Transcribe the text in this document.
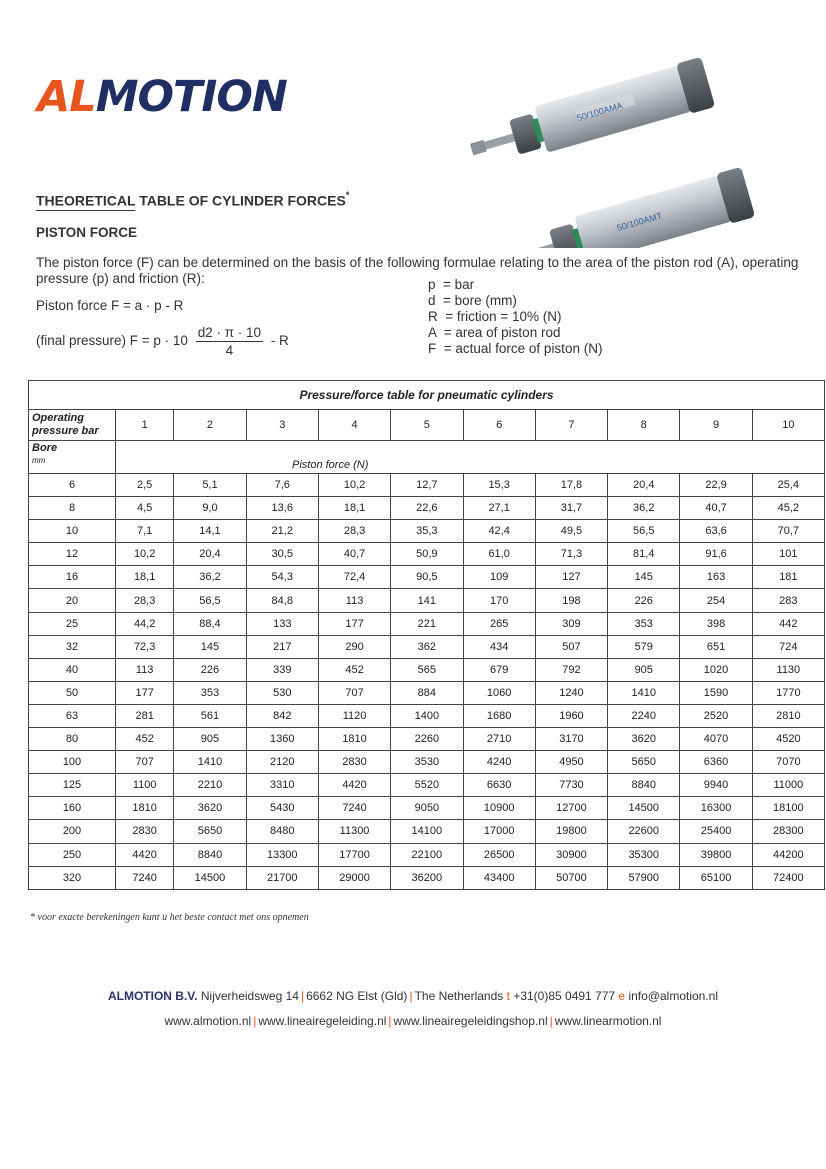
ALMOTION	50/100AMA
50/100AMT
THEORETICAL TABLE OF CYLINDER FORCES*
PISTON FORCE
The piston force (F) can be determined on the basis of the following formulae relating to the area of the piston rod (A), operating pressure (p) and friction (R):
Piston force F = a · p - R
(final pressure) $F = p \cdot 10 \frac{d2 \cdot \pi \cdot 10}{4} - R$
p  = bar
d  = bore (mm)
R  = friction = 10% (N)
A  = area of piston rod
F  = actual force of piston (N)
Pressure/force table for pneumatic cylinders										
Operating pressure bar	1	2	3	4	5	6	7	8	9	10
Bore
mm	Piston force (N)									
6	2,5	5,1	7,6	10,2	12,7	15,3	17,8	20,4	22,9	25,4
8	4,5	9,0	13,6	18,1	22,6	27,1	31,7	36,2	40,7	45,2
10	7,1	14,1	21,2	28,3	35,3	42,4	49,5	56,5	63,6	70,7
12	10,2	20,4	30,5	40,7	50,9	61,0	71,3	81,4	91,6	101
16	18,1	36,2	54,3	72,4	90,5	109	127	145	163	181
20	28,3	56,5	84,8	113	141	170	198	226	254	283
25	44,2	88,4	133	177	221	265	309	353	398	442
32	72,3	145	217	290	362	434	507	579	651	724
40	113	226	339	452	565	679	792	905	1020	1130
50	177	353	530	707	884	1060	1240	1410	1590	1770
63	281	561	842	1120	1400	1680	1960	2240	2520	2810
80	452	905	1360	1810	2260	2710	3170	3620	4070	4520
100	707	1410	2120	2830	3530	4240	4950	5650	6360	7070
125	1100	2210	3310	4420	5520	6630	7730	8840	9940	11000
160	1810	3620	5430	7240	9050	10900	12700	14500	16300	18100
200	2830	5650	8480	11300	14100	17000	19800	22600	25400	28300
250	4420	8840	13300	17700	22100	26500	30900	35300	39800	44200
320	7240	14500	21700	29000	36200	43400	50700	57900	65100	72400
* voor exacte berekeningen kunt u het beste contact met ons opnemen
ALMOTION B.V. Nijverheidsweg 14 | 6662 NG Elst (Gld) | The Netherlands t +31(0)85 0491 777 e info@almotion.nl
www.almotion.nl | www.lineairegeleiding.nl | www.lineairegeleidingshop.nl | www.linearmotion.nl
